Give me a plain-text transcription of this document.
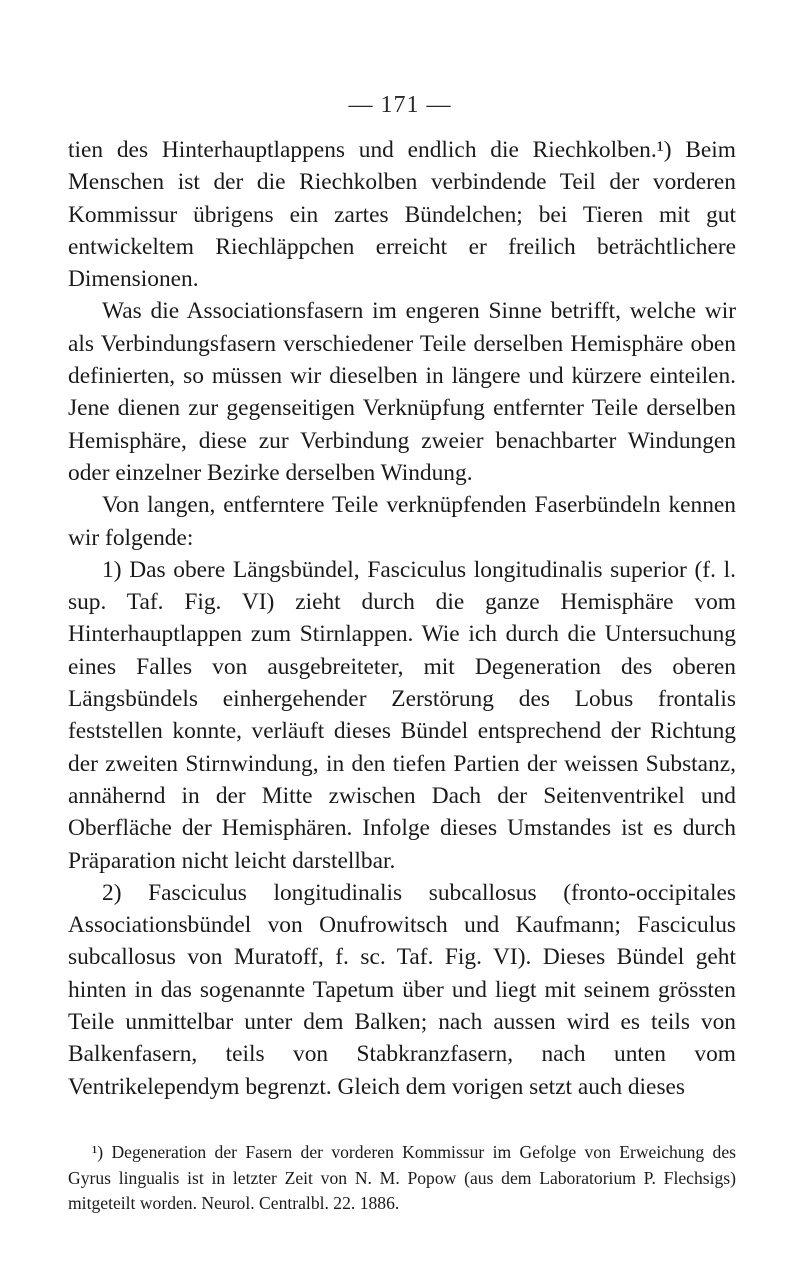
— 171 —

tien des Hinterhauptlappens und endlich die Riechkolben.¹) Beim Menschen ist der die Riechkolben verbindende Teil der vorderen Kommissur übrigens ein zartes Bündelchen; bei Tieren mit gut entwickeltem Riechläppchen erreicht er freilich beträchtlichere Dimensionen.

Was die Associationsfasern im engeren Sinne betrifft, welche wir als Verbindungsfasern verschiedener Teile derselben Hemisphäre oben definierten, so müssen wir dieselben in längere und kürzere einteilen. Jene dienen zur gegenseitigen Verknüpfung entfernter Teile derselben Hemisphäre, diese zur Verbindung zweier benachbarter Windungen oder einzelner Bezirke derselben Windung.

Von langen, entferntere Teile verknüpfenden Faserbündeln kennen wir folgende:

1) Das obere Längsbündel, Fasciculus longitudinalis superior (f. l. sup. Taf. Fig. VI) zieht durch die ganze Hemisphäre vom Hinterhauptlappen zum Stirnlappen. Wie ich durch die Untersuchung eines Falles von ausgebreiteter, mit Degeneration des oberen Längsbündels einhergehender Zerstörung des Lobus frontalis feststellen konnte, verläuft dieses Bündel entsprechend der Richtung der zweiten Stirnwindung, in den tiefen Partien der weissen Substanz, annähernd in der Mitte zwischen Dach der Seitenventrikel und Oberfläche der Hemisphären. Infolge dieses Umstandes ist es durch Präparation nicht leicht darstellbar.

2) Fasciculus longitudinalis subcallosus (fronto-occipitales Associationsbündel von Onufrowitsch und Kaufmann; Fasciculus subcallosus von Muratoff, f. sc. Taf. Fig. VI). Dieses Bündel geht hinten in das sogenannte Tapetum über und liegt mit seinem grössten Teile unmittelbar unter dem Balken; nach aussen wird es teils von Balkenfasern, teils von Stabkranzfasern, nach unten vom Ventrikelependym begrenzt. Gleich dem vorigen setzt auch dieses

¹) Degeneration der Fasern der vorderen Kommissur im Gefolge von Erweichung des Gyrus lingualis ist in letzter Zeit von N. M. Popow (aus dem Laboratorium P. Flechsigs) mitgeteilt worden. Neurol. Centralbl. 22. 1886.
